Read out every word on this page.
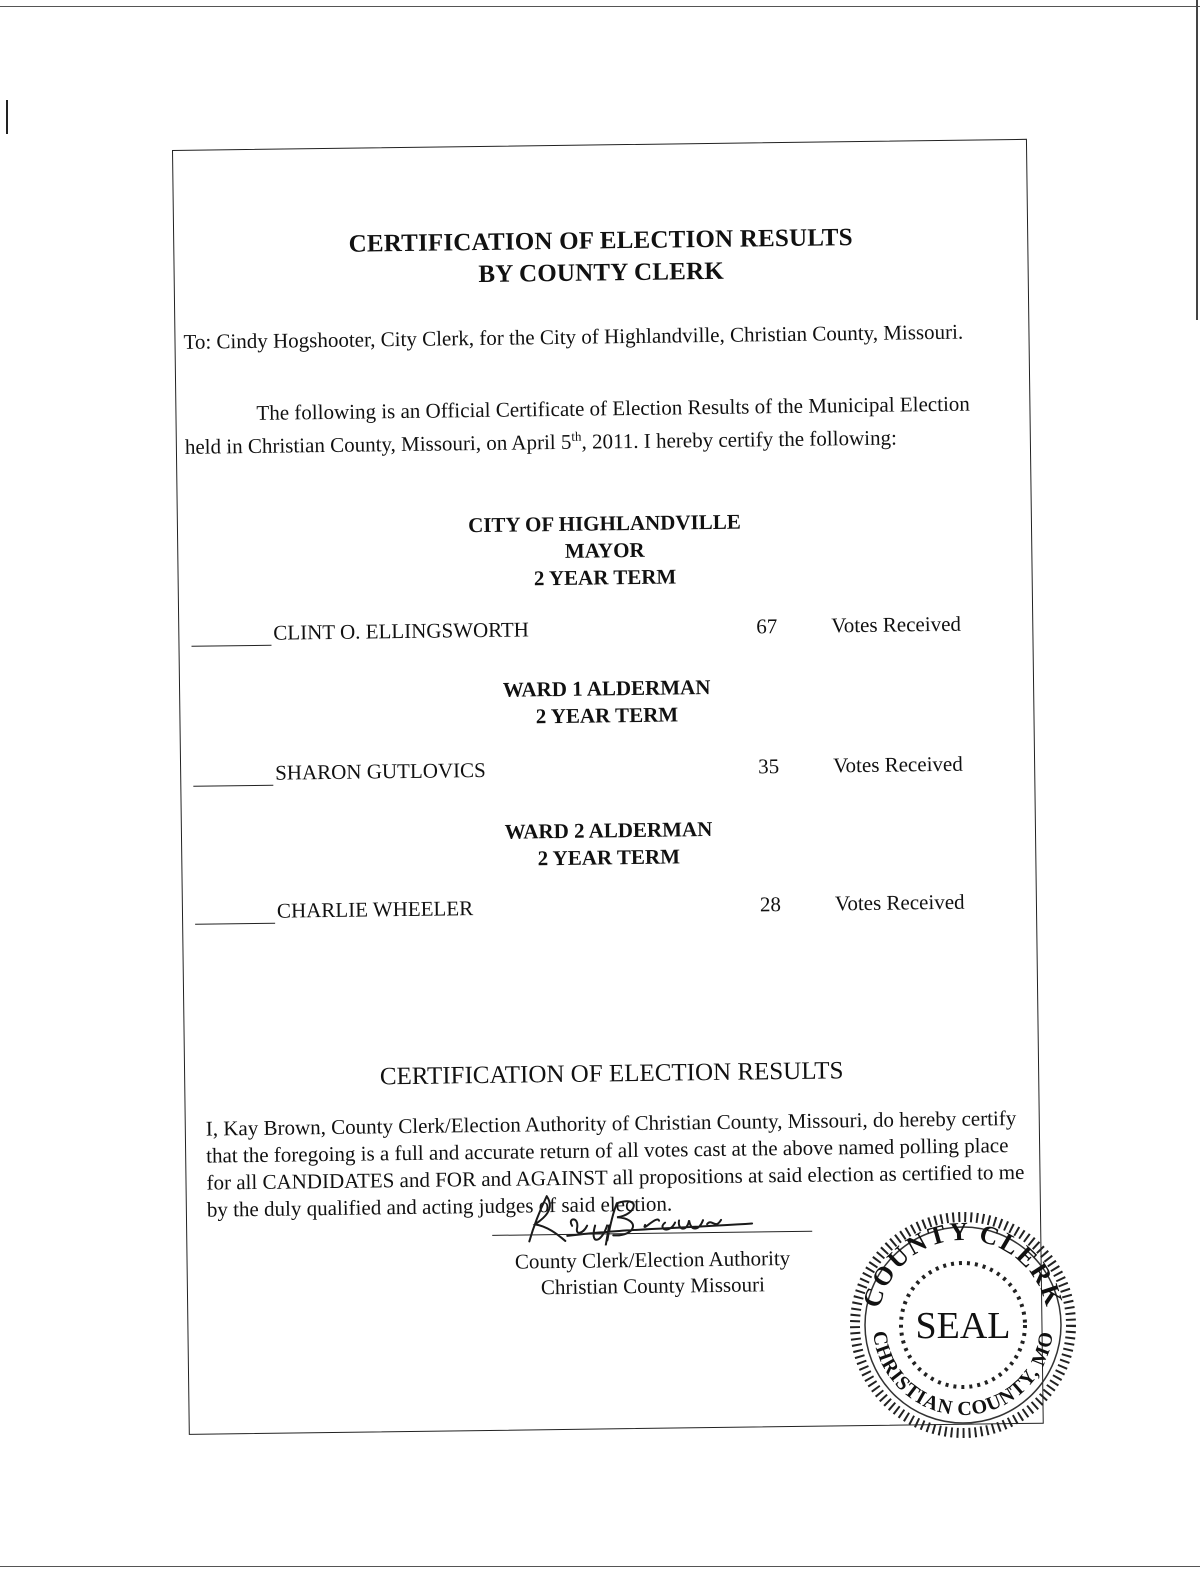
CERTIFICATION OF ELECTION RESULTS
BY COUNTY CLERK
To: Cindy Hogshooter, City Clerk, for the City of Highlandville, Christian County, Missouri.
The following is an Official Certificate of Election Results of the Municipal Election held in Christian County, Missouri, on April 5th, 2011. I hereby certify the following:
CITY OF HIGHLANDVILLE
MAYOR
2 YEAR TERM
CLINT O. ELLINGSWORTH	67	Votes Received
WARD 1 ALDERMAN
2 YEAR TERM
SHARON GUTLOVICS	35	Votes Received
WARD 2 ALDERMAN
2 YEAR TERM
CHARLIE WHEELER	28	Votes Received
CERTIFICATION OF ELECTION RESULTS
I, Kay Brown, County Clerk/Election Authority of Christian County, Missouri, do hereby certify that the foregoing is a full and accurate return of all votes cast at the above named polling place for all CANDIDATES and FOR and AGAINST all propositions at said election as certified to me by the duly qualified and acting judges of said election.
County Clerk/Election Authority
Christian County Missouri	COUNTY CLERK
SEAL
CHRISTIAN COUNTY, MO
